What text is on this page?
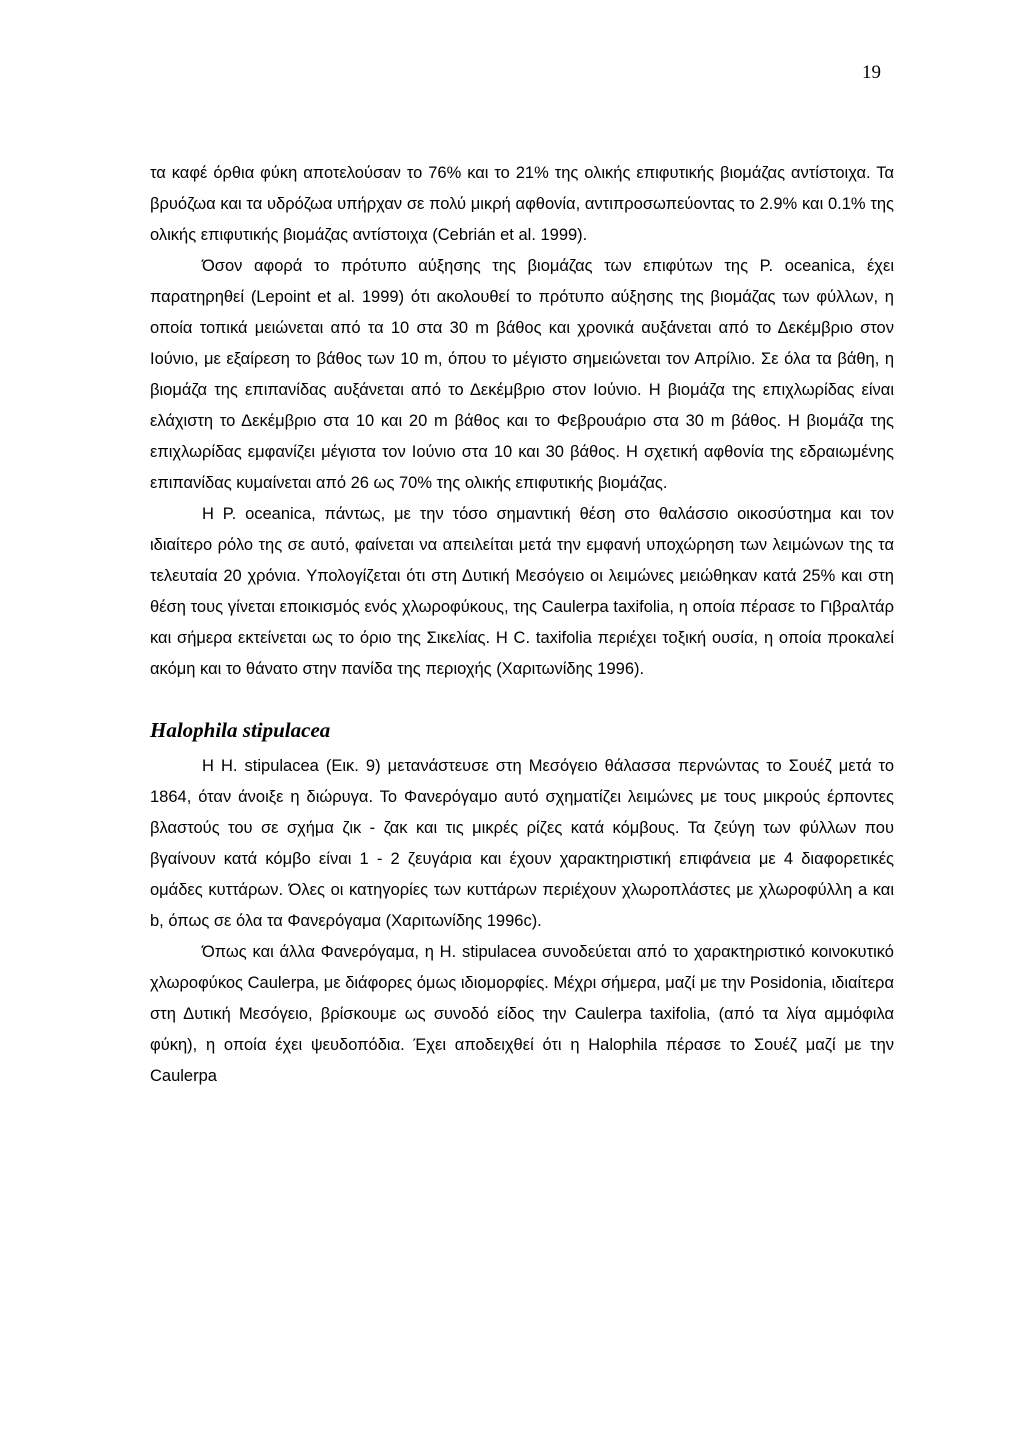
19

τα καφέ όρθια φύκη αποτελούσαν το 76% και το 21% της ολικής επιφυτικής βιομάζας αντίστοιχα. Τα βρυόζωα και τα υδρόζωα υπήρχαν σε πολύ μικρή αφθονία, αντιπροσωπεύοντας το 2.9% και 0.1% της ολικής επιφυτικής βιομάζας αντίστοιχα (Cebrián et al. 1999).

Όσον αφορά το πρότυπο αύξησης της βιομάζας των επιφύτων της P. oceanica, έχει παρατηρηθεί (Lepoint et al. 1999) ότι ακολουθεί το πρότυπο αύξησης της βιομάζας των φύλλων, η οποία τοπικά μειώνεται από τα 10 στα 30 m βάθος και χρονικά αυξάνεται από το Δεκέμβριο στον Ιούνιο, με εξαίρεση το βάθος των 10 m, όπου το μέγιστο σημειώνεται τον Απρίλιο. Σε όλα τα βάθη, η βιομάζα της επιπανίδας αυξάνεται από το Δεκέμβριο στον Ιούνιο. Η βιομάζα της επιχλωρίδας είναι ελάχιστη το Δεκέμβριο στα 10 και 20 m βάθος και το Φεβρουάριο στα 30 m βάθος. Η βιομάζα της επιχλωρίδας εμφανίζει μέγιστα τον Ιούνιο στα 10 και 30 βάθος. Η σχετική αφθονία της εδραιωμένης επιπανίδας κυμαίνεται από 26 ως 70% της ολικής επιφυτικής βιομάζας.

Η P. oceanica, πάντως, με την τόσο σημαντική θέση στο θαλάσσιο οικοσύστημα και τον ιδιαίτερο ρόλο της σε αυτό, φαίνεται να απειλείται μετά την εμφανή υποχώρηση των λειμώνων της τα τελευταία 20 χρόνια. Υπολογίζεται ότι στη Δυτική Μεσόγειο οι λειμώνες μειώθηκαν κατά 25% και στη θέση τους γίνεται εποικισμός ενός χλωροφύκους, της Caulerpa taxifolia, η οποία πέρασε το Γιβραλτάρ και σήμερα εκτείνεται ως το όριο της Σικελίας. Η C. taxifolia περιέχει τοξική ουσία, η οποία προκαλεί ακόμη και το θάνατο στην πανίδα της περιοχής (Χαριτωνίδης 1996).

Halophila stipulacea

Η H. stipulacea (Εικ. 9) μετανάστευσε στη Μεσόγειο θάλασσα περνώντας το Σουέζ μετά το 1864, όταν άνοιξε η διώρυγα. Το Φανερόγαμο αυτό σχηματίζει λειμώνες με τους μικρούς έρποντες βλαστούς του σε σχήμα ζικ - ζακ και τις μικρές ρίζες κατά κόμβους. Τα ζεύγη των φύλλων που βγαίνουν κατά κόμβο είναι 1 - 2 ζευγάρια και έχουν χαρακτηριστική επιφάνεια με 4 διαφορετικές ομάδες κυττάρων. Όλες οι κατηγορίες των κυττάρων περιέχουν χλωροπλάστες με χλωροφύλλη a και b, όπως σε όλα τα Φανερόγαμα (Χαριτωνίδης 1996c).

Όπως και άλλα Φανερόγαμα, η H. stipulacea συνοδεύεται από το χαρακτηριστικό κοινοκυτικό χλωροφύκος Caulerpa, με διάφορες όμως ιδιομορφίες. Μέχρι σήμερα, μαζί με την Posidonia, ιδιαίτερα στη Δυτική Μεσόγειο, βρίσκουμε ως συνοδό είδος την Caulerpa taxifolia, (από τα λίγα αμμόφιλα φύκη), η οποία έχει ψευδοπόδια. Έχει αποδειχθεί ότι η Halophila πέρασε το Σουέζ μαζί με την Caulerpa
